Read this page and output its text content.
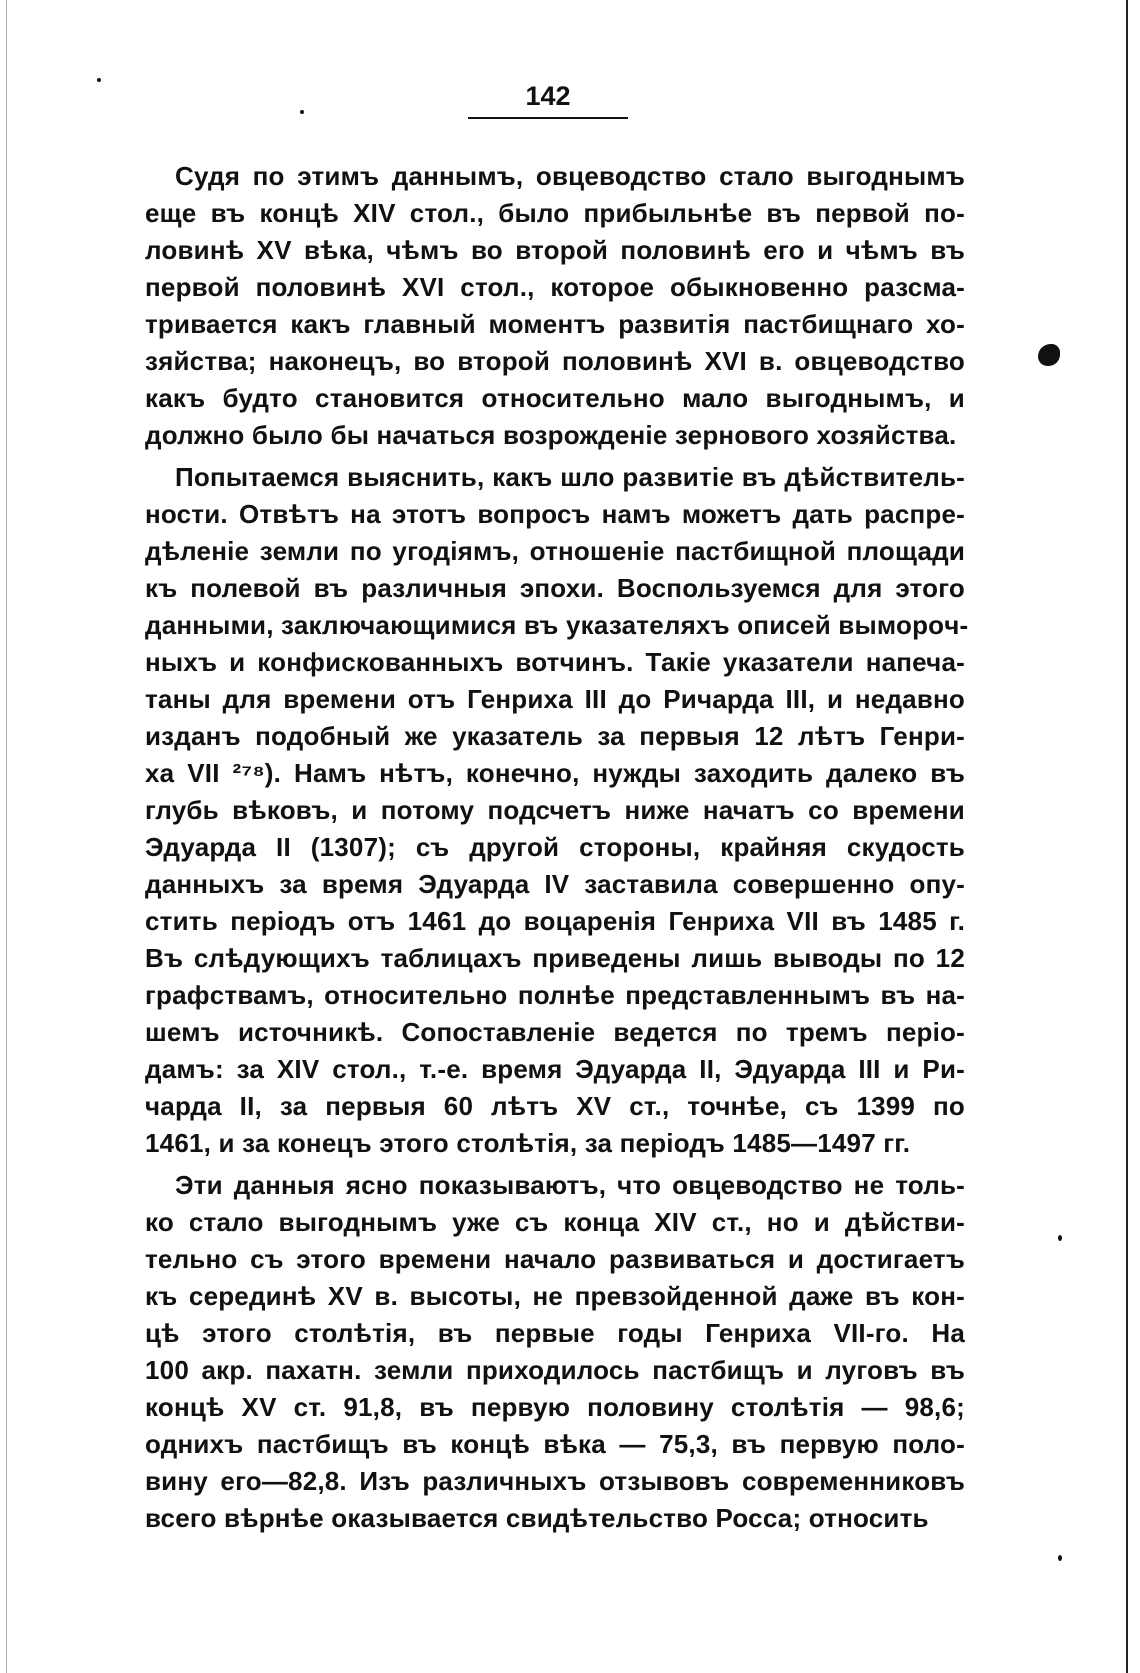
142
Судя по этимъ даннымъ, овцеводство стало выгоднымъ
еще въ концѣ XIV стол., было прибыльнѣе въ первой по-
ловинѣ XV вѣка, чѣмъ во второй половинѣ его и чѣмъ въ
первой половинѣ XVI стол., которое обыкновенно разсма-
тривается какъ главный моментъ развитія пастбищнаго хо-
зяйства; наконецъ, во второй половинѣ XVI в. овцеводство
какъ будто становится относительно мало выгоднымъ, и
должно было бы начаться возрожденіе зернового хозяйства.
Попытаемся выяснить, какъ шло развитіе въ дѣйствитель-
ности. Отвѣтъ на этотъ вопросъ намъ можетъ дать распре-
дѣленіе земли по угодіямъ, отношеніе пастбищной площади
къ полевой въ различныя эпохи. Воспользуемся для этого
данными, заключающимися въ указателяхъ описей выморoч-
ныхъ и конфискованныхъ вотчинъ. Такіе указатели напеча-
таны для времени отъ Генриха III до Ричарда III, и недавно
изданъ подобный же указатель за первыя 12 лѣтъ Генри-
ха VII ²⁷⁸). Намъ нѣтъ, конечно, нужды заходить далеко въ
глубь вѣковъ, и потому подсчетъ ниже начатъ со времени
Эдуарда II (1307); съ другой стороны, крайняя скудость
данныхъ за время Эдуарда IV заставила совершенно опу-
стить періодъ отъ 1461 до воцаренія Генриха VII въ 1485 г.
Въ слѣдующихъ таблицахъ приведены лишь выводы по 12
графствамъ, относительно полнѣе представленнымъ въ на-
шемъ источникѣ. Сопоставленіе ведется по тремъ періо-
дамъ: за XIV стол., т.-е. время Эдуарда II, Эдуарда III и Ри-
чарда II, за первыя 60 лѣтъ XV ст., точнѣе, съ 1399 по
1461, и за конецъ этого столѣтія, за періодъ 1485—1497 гг.
Эти данныя ясно показываютъ, что овцеводство не толь-
ко стало выгоднымъ уже съ конца XIV ст., но и дѣйстви-
тельно съ этого времени начало развиваться и достигаетъ
къ серединѣ XV в. высоты, не превзойденной даже въ кон-
цѣ этого столѣтія, въ первые годы Генриха VII-го. На
100 акр. пахатн. земли приходилось пастбищъ и луговъ въ
концѣ XV ст. 91,8, въ первую половину столѣтія — 98,6;
однихъ пастбищъ въ концѣ вѣка — 75,3, въ первую поло-
вину его—82,8. Изъ различныхъ отзывовъ современниковъ
всего вѣрнѣе оказывается свидѣтельство Росса; относить
